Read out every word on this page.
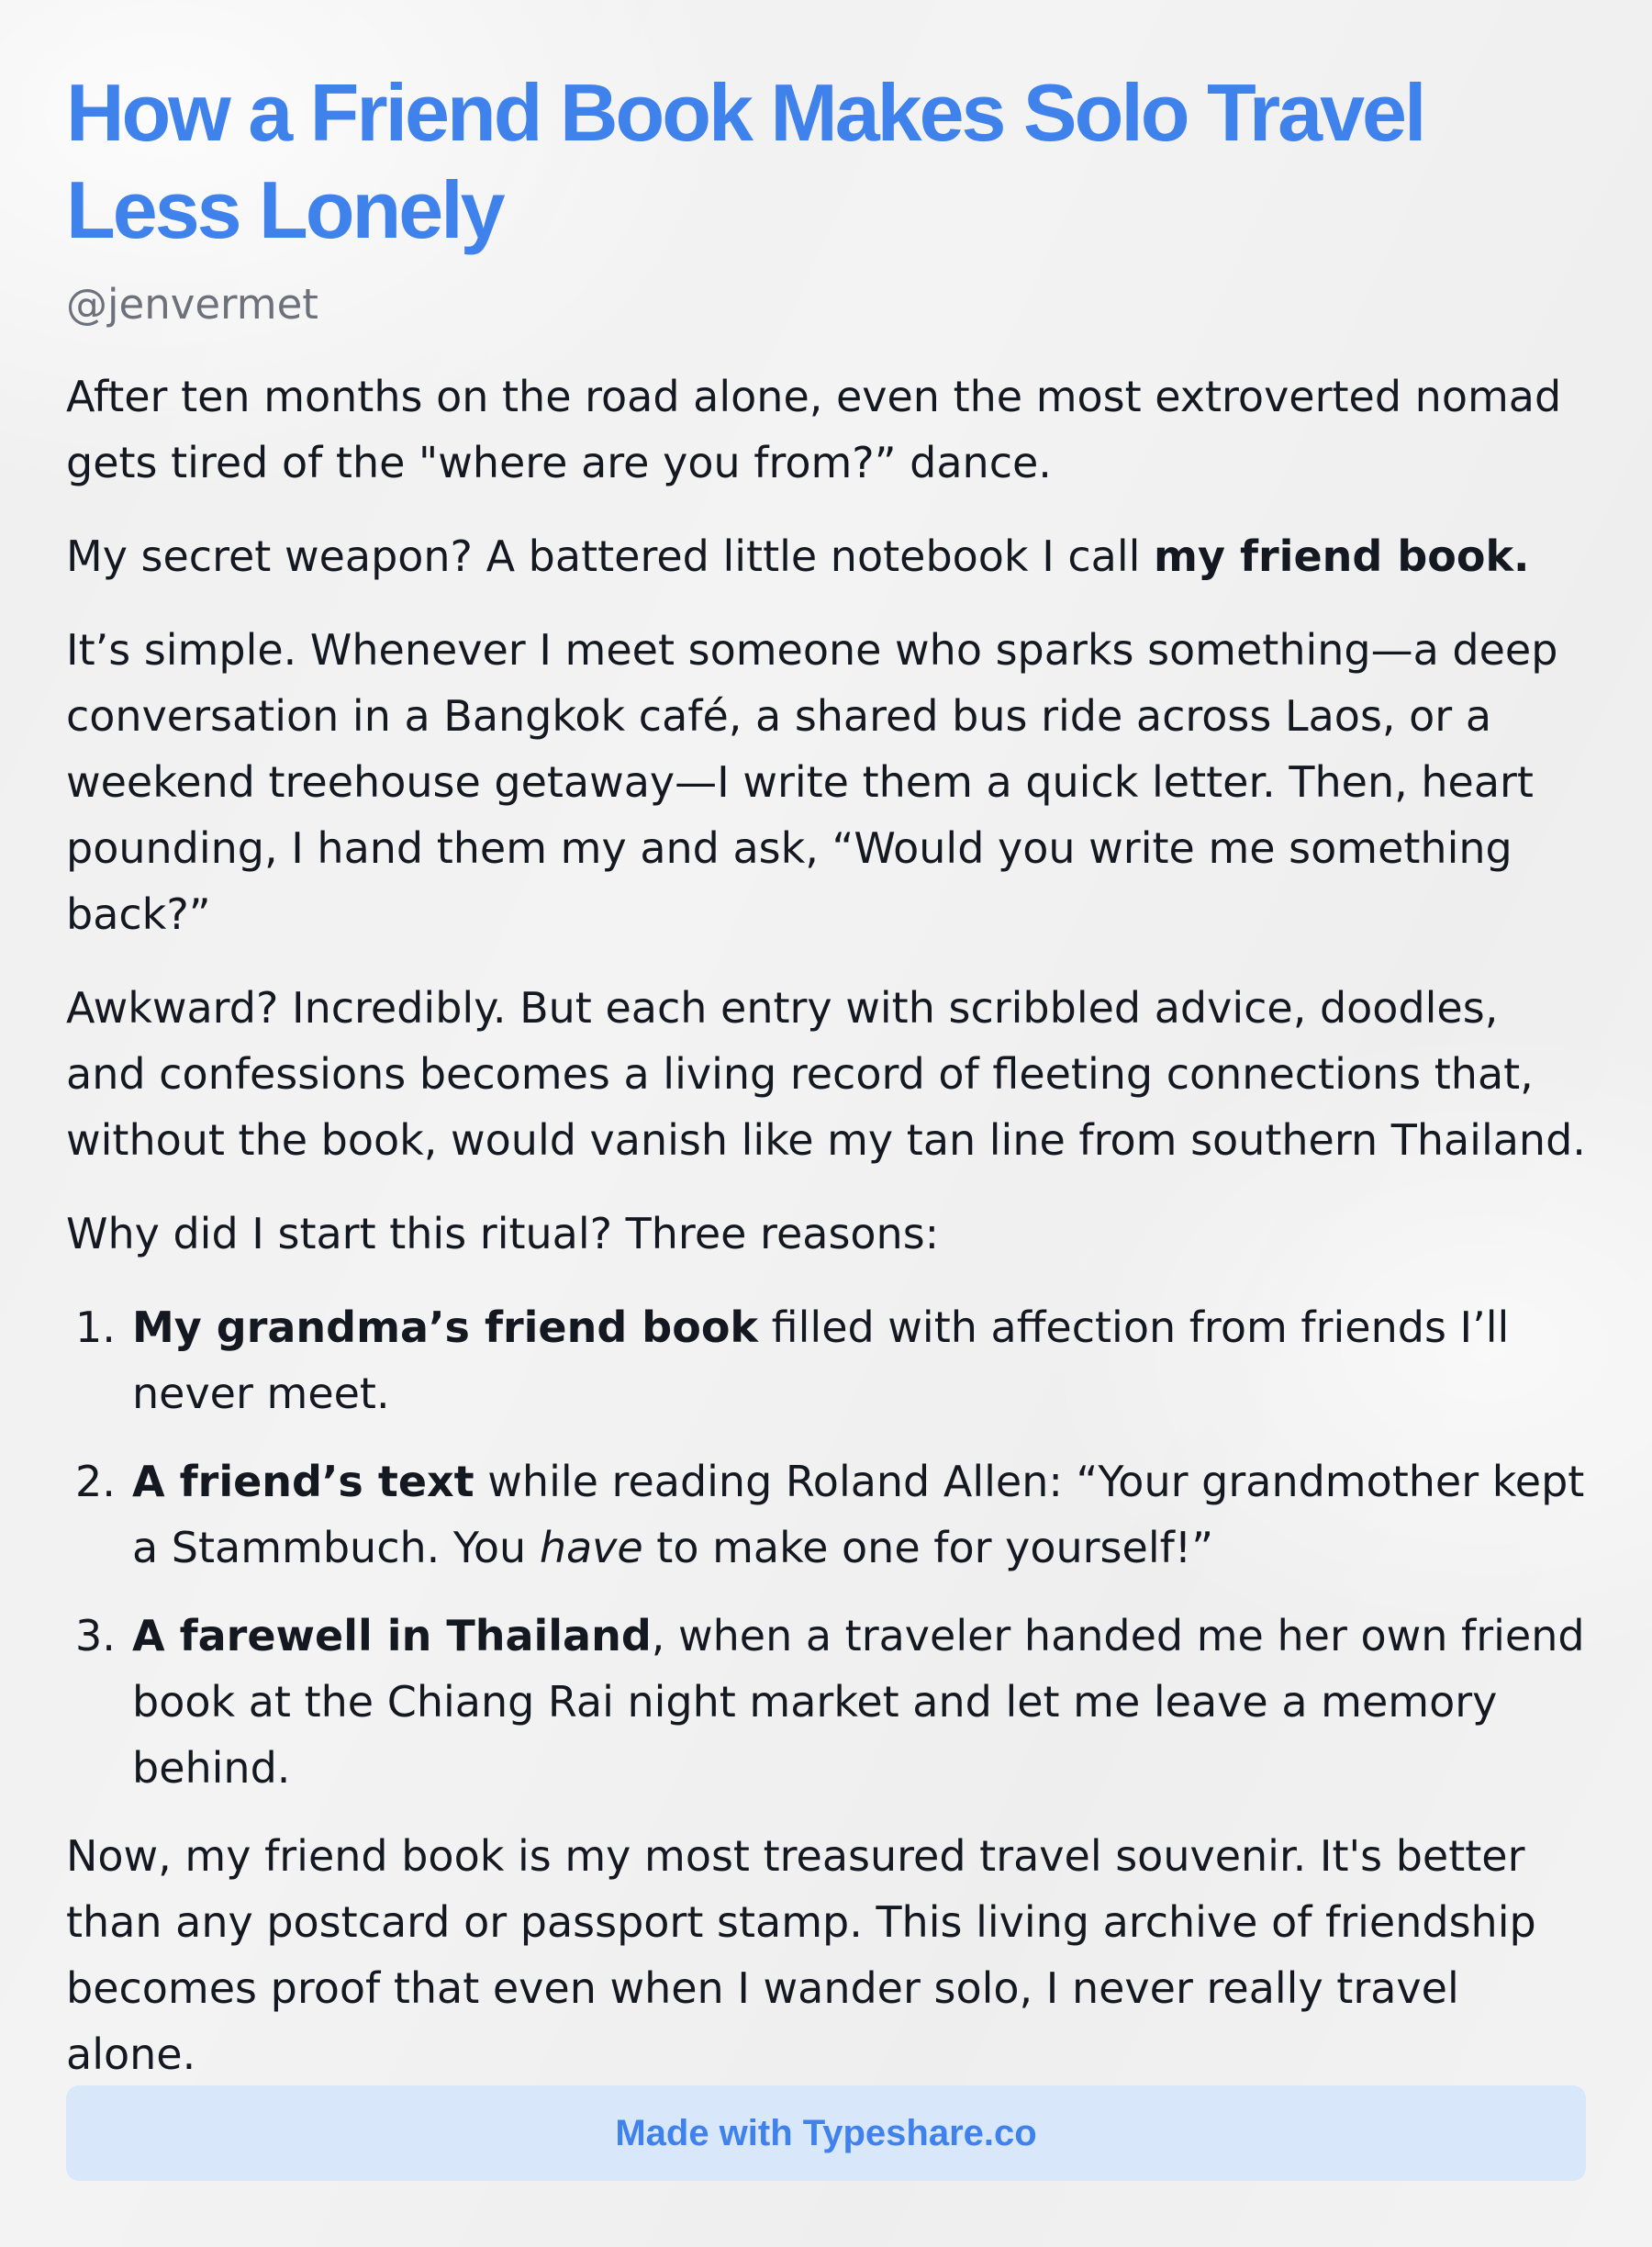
How a Friend Book Makes Solo Travel Less Lonely
@jenvermet

After ten months on the road alone, even the most extroverted nomad gets tired of the "where are you from?” dance.

My secret weapon? A battered little notebook I call my friend book.

It’s simple. Whenever I meet someone who sparks something—a deep conversation in a Bangkok café, a shared bus ride across Laos, or a weekend treehouse getaway—I write them a quick letter. Then, heart pounding, I hand them my and ask, “Would you write me something back?”

Awkward? Incredibly. But each entry with scribbled advice, doodles, and confessions becomes a living record of fleeting connections that, without the book, would vanish like my tan line from southern Thailand.

Why did I start this ritual? Three reasons:

1. My grandma’s friend book filled with affection from friends I’ll never meet.
2. A friend’s text while reading Roland Allen: “Your grandmother kept a Stammbuch. You have to make one for yourself!”
3. A farewell in Thailand, when a traveler handed me her own friend book at the Chiang Rai night market and let me leave a memory behind.

Now, my friend book is my most treasured travel souvenir. It's better than any postcard or passport stamp. This living archive of friendship becomes proof that even when I wander solo, I never really travel alone.

Made with Typeshare.co
